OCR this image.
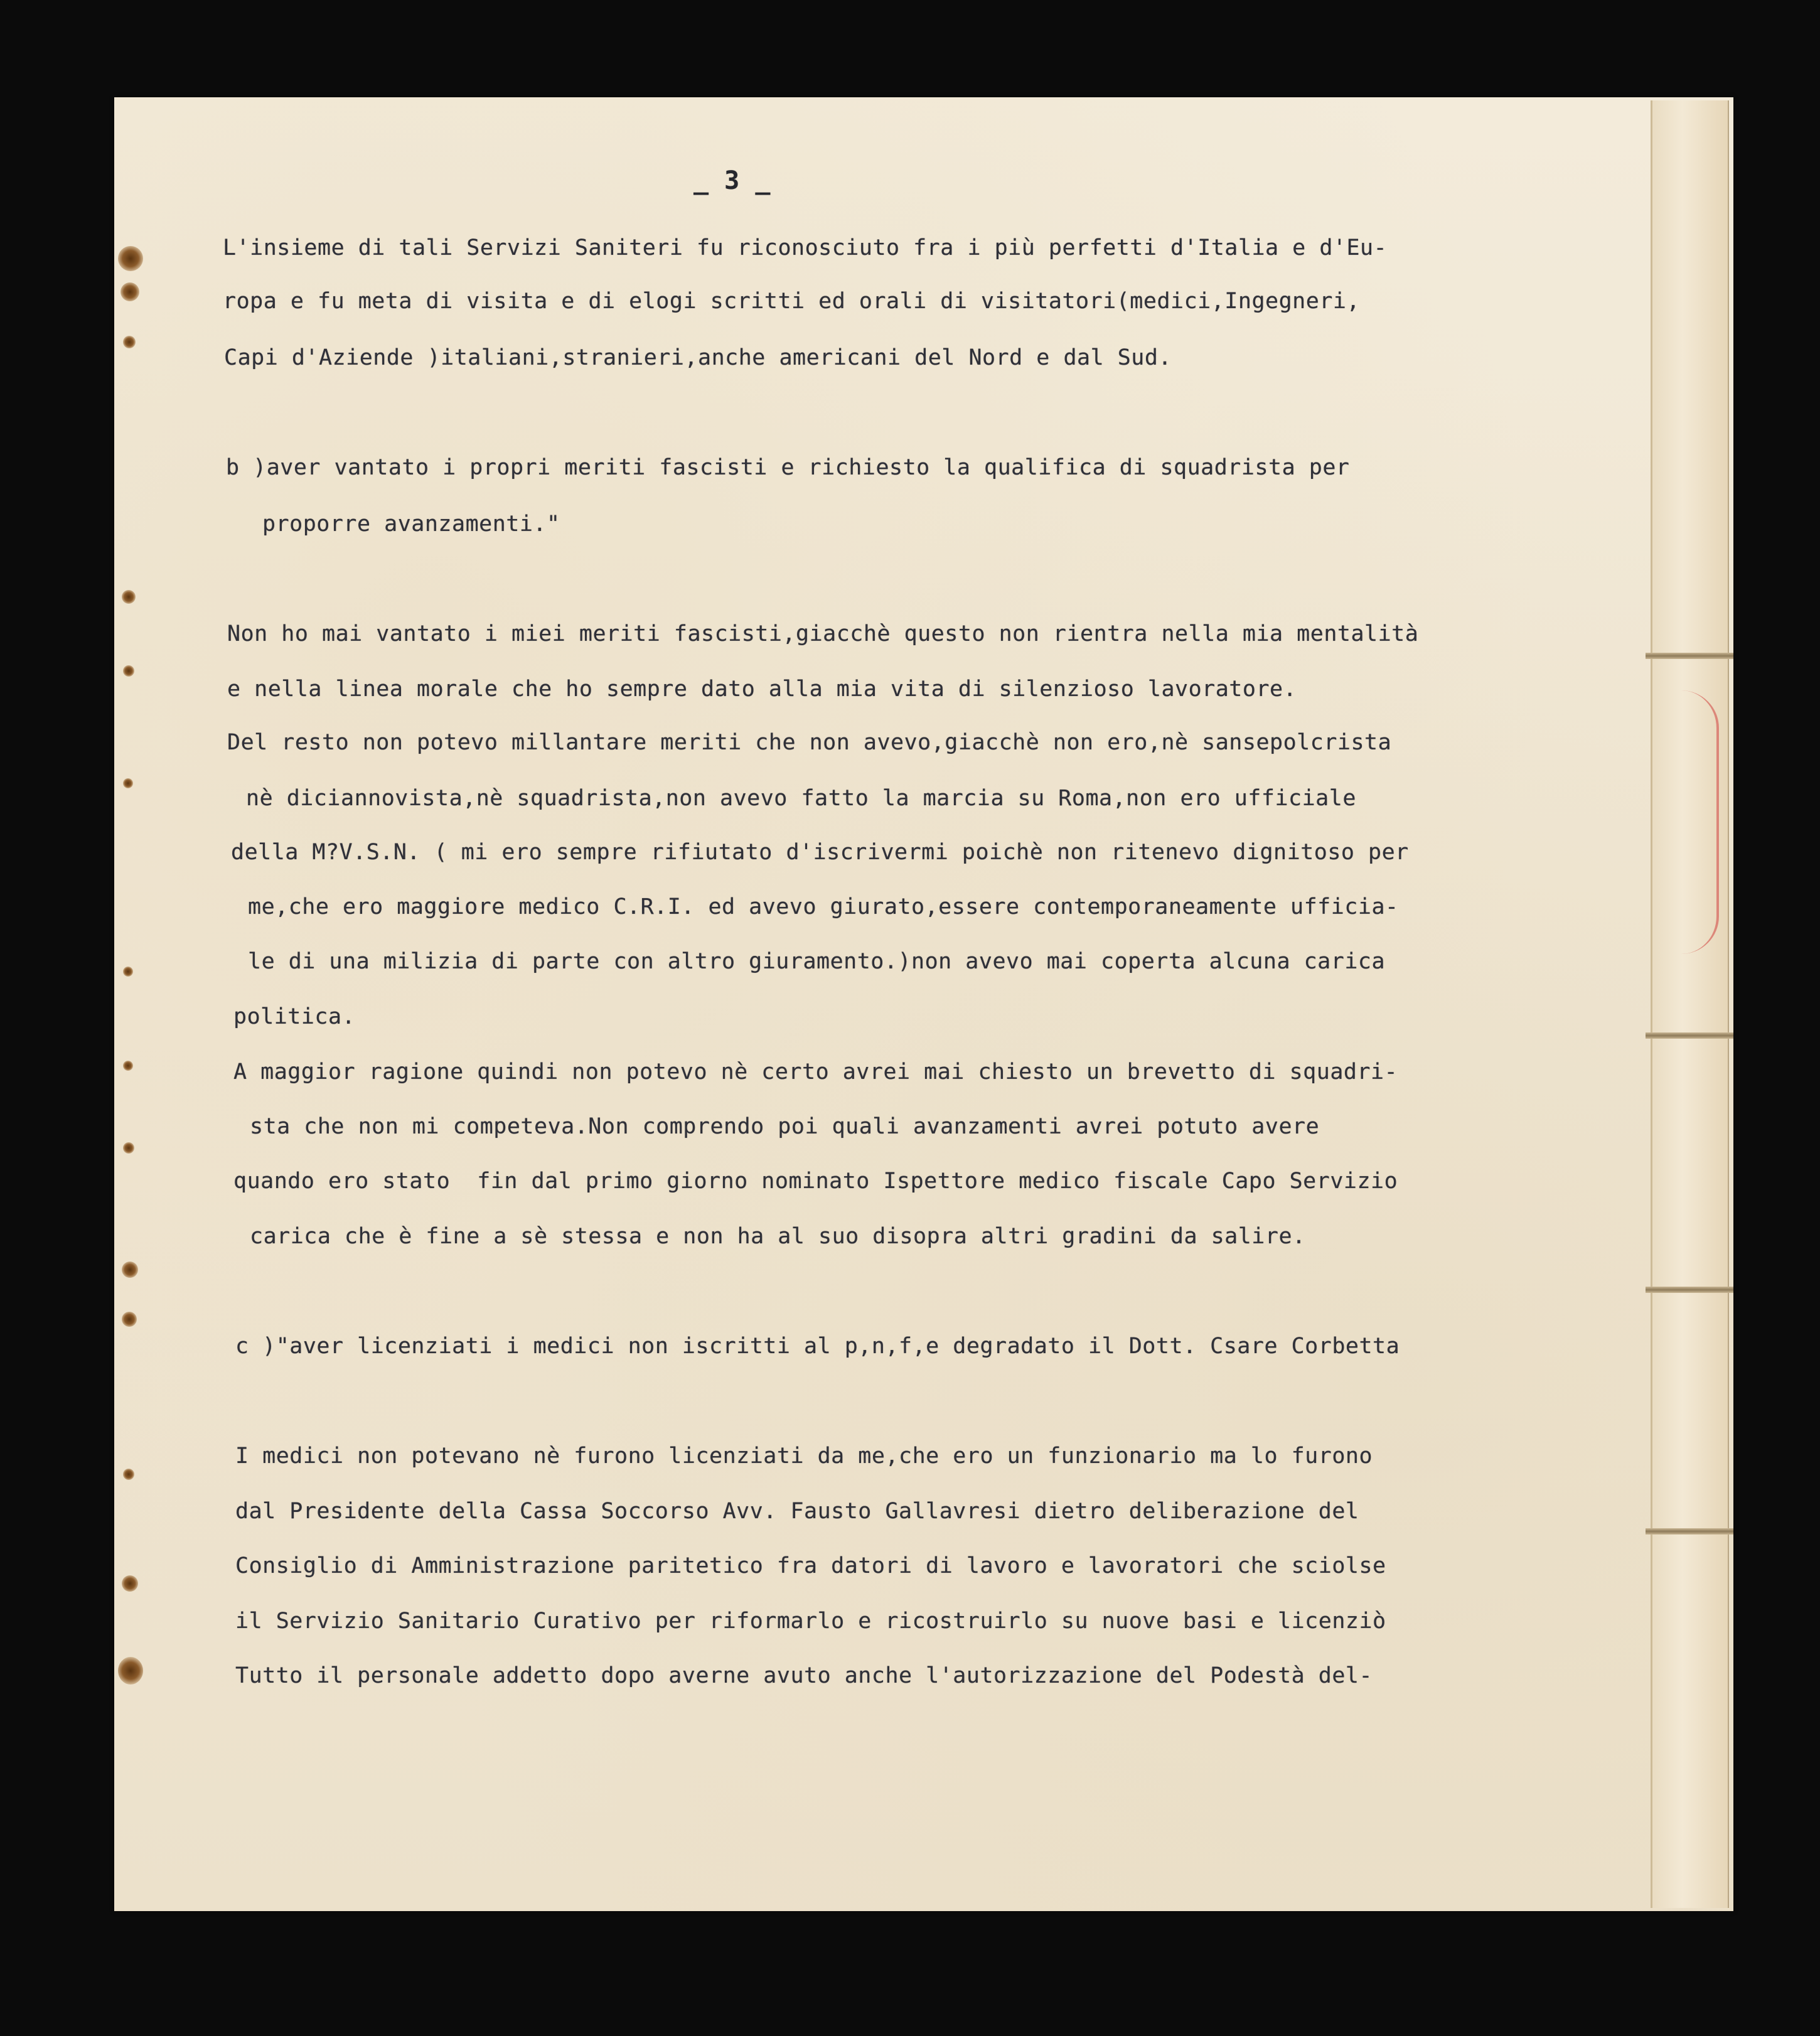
_ 3 _
L'insieme di tali Servizi Saniteri fu riconosciuto fra i più perfetti d'Italia e d'Eu-
ropa e fu meta di visita e di elogi scritti ed orali di visitatori(medici,Ingegneri,
Capi d'Aziende )italiani,stranieri,anche americani del Nord e dal Sud.
b )aver vantato i propri meriti fascisti e richiesto la qualifica di squadrista per
proporre avanzamenti."
Non ho mai vantato i miei meriti fascisti,giacchè questo non rientra nella mia mentalità
e nella linea morale che ho sempre dato alla mia vita di silenzioso lavoratore.
Del resto non potevo millantare meriti che non avevo,giacchè non ero,nè sansepolcrista
nè diciannovista,nè squadrista,non avevo fatto la marcia su Roma,non ero ufficiale
della M?V.S.N. ( mi ero sempre rifiutato d'iscrivermi poichè non ritenevo dignitoso per
me,che ero maggiore medico C.R.I. ed avevo giurato,essere contemporaneamente ufficia-
le di una milizia di parte con altro giuramento.)non avevo mai coperta alcuna carica
politica.
A maggior ragione quindi non potevo nè certo avrei mai chiesto un brevetto di squadri-
sta che non mi competeva.Non comprendo poi quali avanzamenti avrei potuto avere
quando ero stato  fin dal primo giorno nominato Ispettore medico fiscale Capo Servizio
carica che è fine a sè stessa e non ha al suo disopra altri gradini da salire.
c )"aver licenziati i medici non iscritti al p,n,f,e degradato il Dott. Csare Corbetta
I medici non potevano nè furono licenziati da me,che ero un funzionario ma lo furono
dal Presidente della Cassa Soccorso Avv. Fausto Gallavresi dietro deliberazione del
Consiglio di Amministrazione paritetico fra datori di lavoro e lavoratori che sciolse
il Servizio Sanitario Curativo per riformarlo e ricostruirlo su nuove basi e licenziò
Tutto il personale addetto dopo averne avuto anche l'autorizzazione del Podestà del-
